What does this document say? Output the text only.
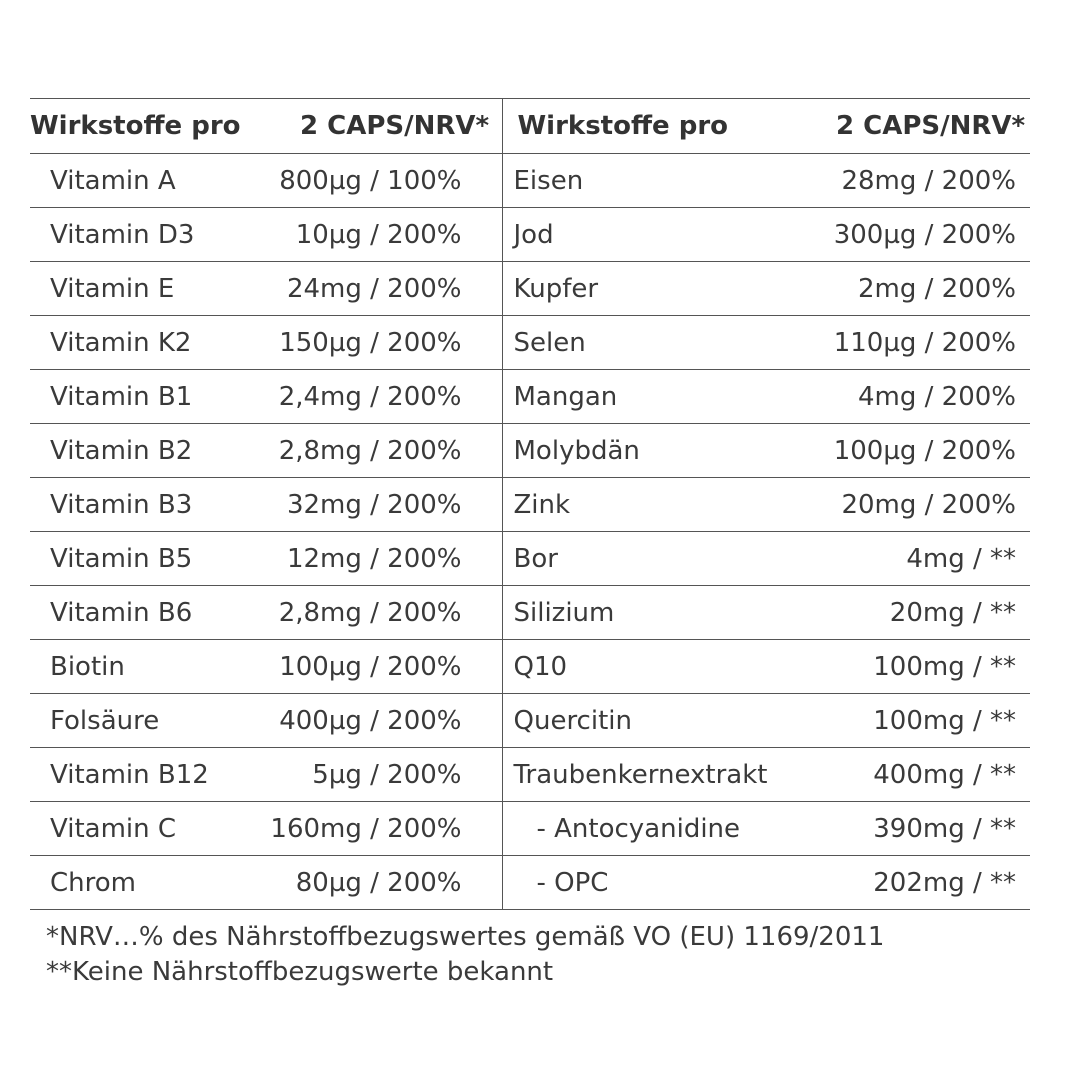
Wirkstoffe pro	2 CAPS/NRV*	Wirkstoffe pro	2 CAPS/NRV*
Vitamin A	800µg / 100%	Eisen	28mg / 200%
Vitamin D3	10µg / 200%	Jod	300µg / 200%
Vitamin E	24mg / 200%	Kupfer	2mg / 200%
Vitamin K2	150µg / 200%	Selen	110µg / 200%
Vitamin B1	2,4mg / 200%	Mangan	4mg / 200%
Vitamin B2	2,8mg / 200%	Molybdän	100µg / 200%
Vitamin B3	32mg / 200%	Zink	20mg / 200%
Vitamin B5	12mg / 200%	Bor	4mg / **
Vitamin B6	2,8mg / 200%	Silizium	20mg / **
Biotin	100µg / 200%	Q10	100mg / **
Folsäure	400µg / 200%	Quercitin	100mg / **
Vitamin B12	5µg / 200%	Traubenkernextrakt	400mg / **
Vitamin C	160mg / 200%	- Antocyanidine	390mg / **
Chrom	80µg / 200%	- OPC	202mg / **
*NRV…% des Nährstoffbezugswertes gemäß VO (EU) 1169/2011
**Keine Nährstoffbezugswerte bekannt
